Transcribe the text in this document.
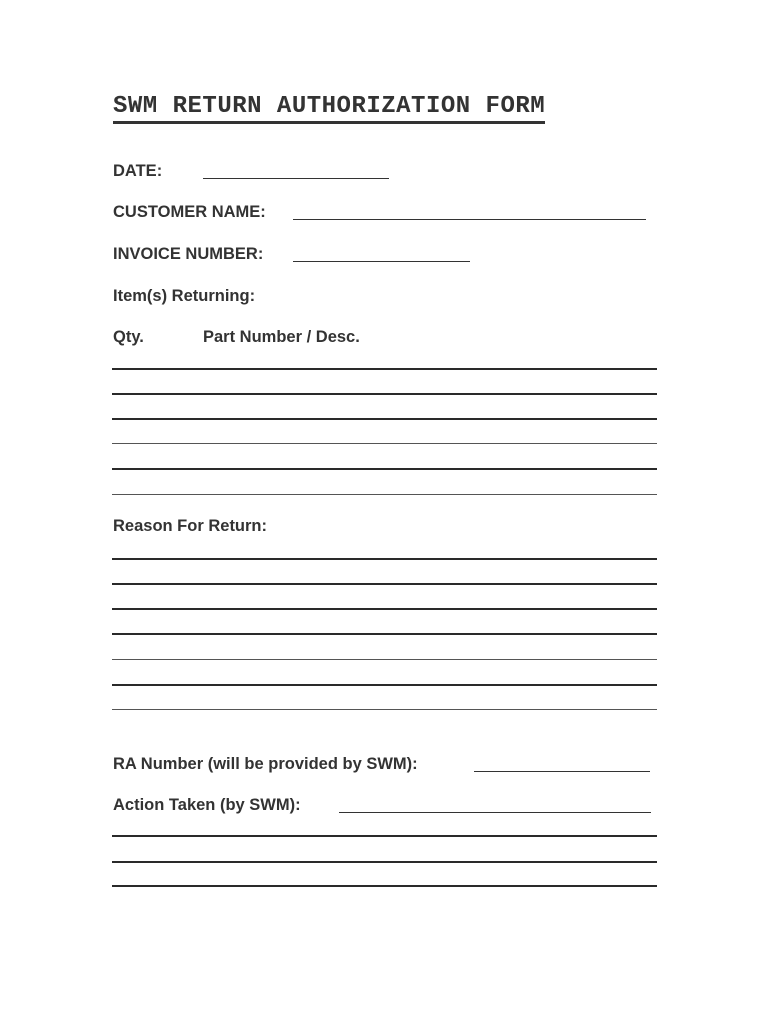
SWM RETURN AUTHORIZATION FORM
DATE:
CUSTOMER NAME:
INVOICE NUMBER:
Item(s) Returning:
Qty.	Part Number / Desc.
Reason For Return:
RA Number (will be provided by SWM):
Action Taken (by SWM):
